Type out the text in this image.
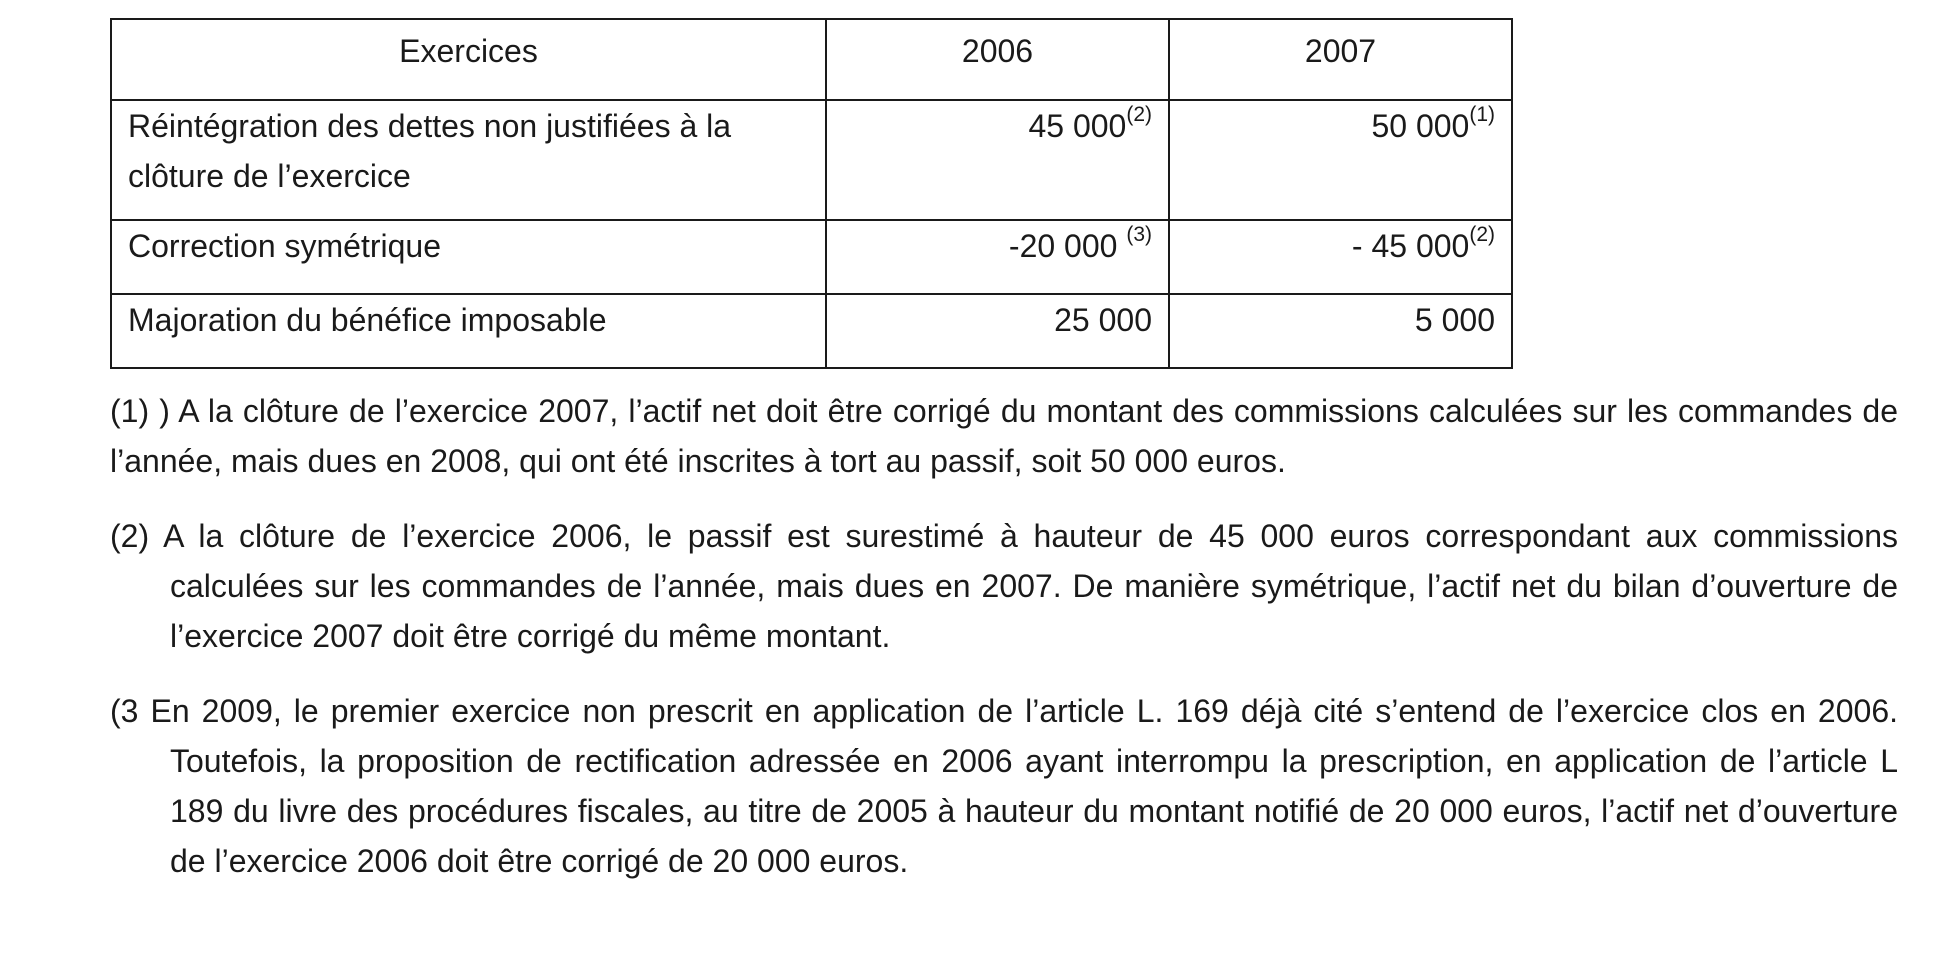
Exercices	2006	2007
Réintégration des dettes non justifiées à la clôture de l’exercice	45 000$^{(2)}$	50 000$^{(1)}$
Correction symétrique	-20 000 $^{(3)}$	- 45 000$^{(2)}$
Majoration du bénéfice imposable	25 000	5 000

(1) ) A la clôture de l’exercice 2007, l’actif net doit être corrigé du montant des commissions calculées sur les commandes de l’année, mais dues en 2008, qui ont été inscrites à tort au passif, soit 50 000 euros.

(2) A la clôture de l’exercice 2006, le passif est surestimé à hauteur de 45 000 euros correspondant aux commissions calculées sur les commandes de l’année, mais dues en 2007. De manière symétrique, l’actif net du bilan d’ouverture de l’exercice 2007 doit être corrigé du même montant.

(3 En 2009, le premier exercice non prescrit en application de l’article L. 169 déjà cité s’entend de l’exercice clos en 2006. Toutefois, la proposition de rectification adressée en 2006 ayant interrompu la prescription, en application de l’article L 189 du livre des procédures fiscales, au titre de 2005 à hauteur du montant notifié de 20 000 euros, l’actif net d’ouverture de l’exercice 2006 doit être corrigé de 20 000 euros.
